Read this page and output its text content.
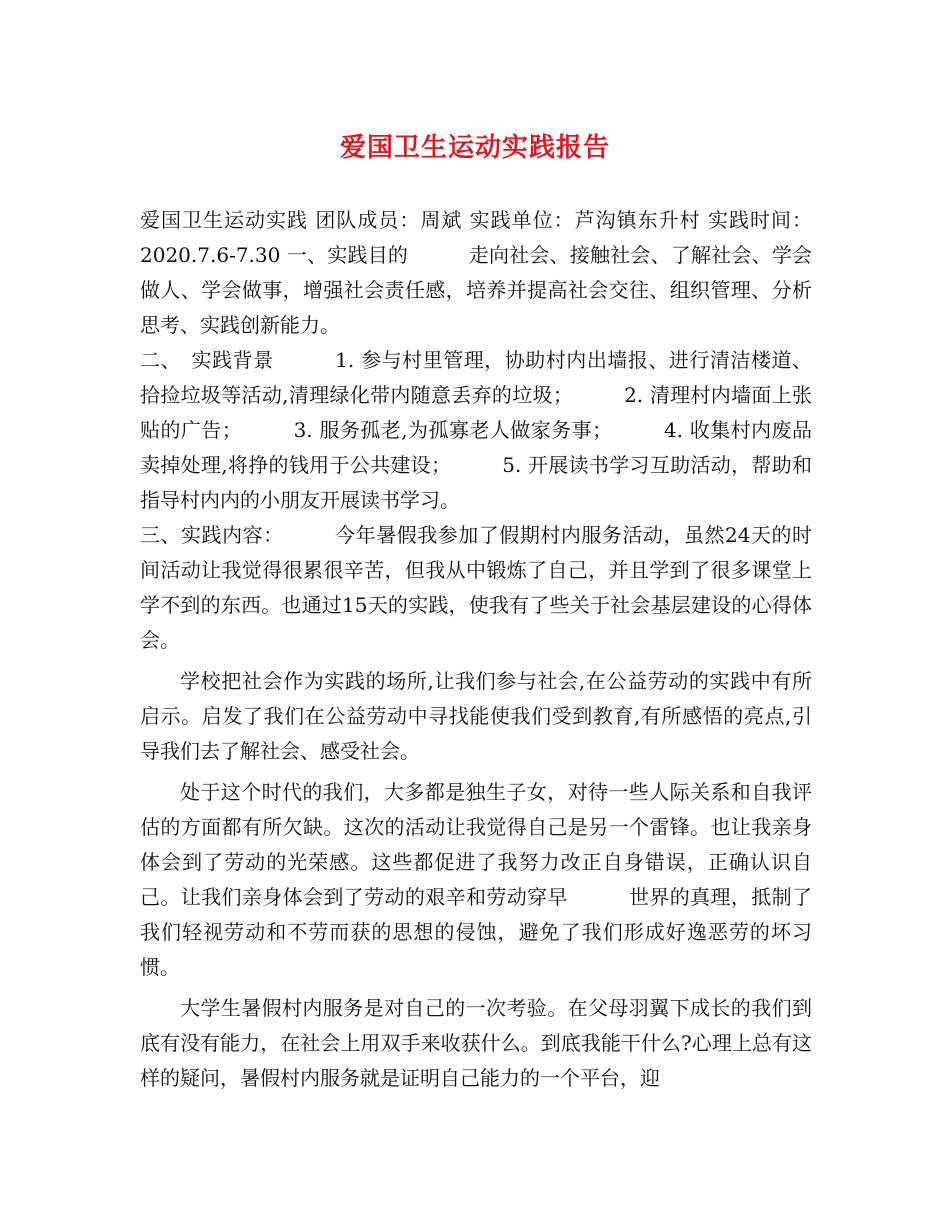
爱国卫生运动实践报告

爱国卫生运动实践 团队成员：周斌 实践单位：芦沟镇东升村 实践时间：2020.7.6-7.30 一、实践目的　　　走向社会、接触社会、了解社会、学会做人、学会做事，增强社会责任感，培养并提高社会交往、组织管理、分析思考、实践创新能力。

二、　实践背景　　　1. 参与村里管理，协助村内出墙报、进行清洁楼道、拾捡垃圾等活动,清理绿化带内随意丢弃的垃圾；　　　2. 清理村内墙面上张贴的广告；　　　3. 服务孤老,为孤寡老人做家务事；　　　4. 收集村内废品卖掉处理,将挣的钱用于公共建设；　　　5. 开展读书学习互助活动，帮助和指导村内内的小朋友开展读书学习。

三、实践内容：　　　今年暑假我参加了假期村内服务活动，虽然24天的时间活动让我觉得很累很辛苦，但我从中锻炼了自己，并且学到了很多课堂上学不到的东西。也通过15天的实践，使我有了些关于社会基层建设的心得体会。

学校把社会作为实践的场所,让我们参与社会,在公益劳动的实践中有所启示。启发了我们在公益劳动中寻找能使我们受到教育,有所感悟的亮点,引导我们去了解社会、感受社会。

处于这个时代的我们，大多都是独生子女，对待一些人际关系和自我评估的方面都有所欠缺。这次的活动让我觉得自己是另一个雷锋。也让我亲身体会到了劳动的光荣感。这些都促进了我努力改正自身错误，正确认识自己。让我们亲身体会到了劳动的艰辛和劳动穿早　　　世界的真理，抵制了我们轻视劳动和不劳而获的思想的侵蚀，避免了我们形成好逸恶劳的坏习惯。

大学生暑假村内服务是对自己的一次考验。在父母羽翼下成长的我们到底有没有能力，在社会上用双手来收获什么。到底我能干什么?心理上总有这样的疑问，暑假村内服务就是证明自己能力的一个平台，迎
